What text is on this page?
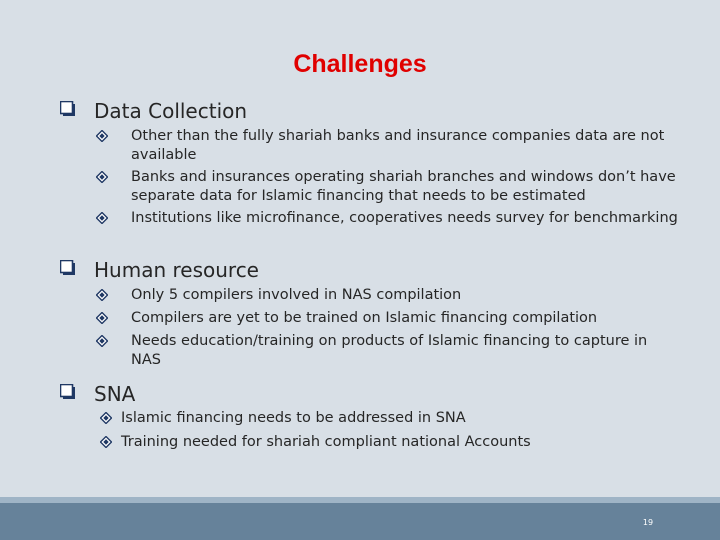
Challenges
Data Collection
Other than the fully shariah banks and insurance companies data are not available
Banks and insurances operating shariah branches and windows don’t have separate data for Islamic financing that needs to be estimated
Institutions like microfinance, cooperatives needs survey for benchmarking
Human resource
Only 5 compilers involved in NAS compilation
Compilers are yet to be trained on Islamic financing compilation
Needs education/training on products of Islamic financing to capture in NAS
SNA
Islamic financing needs to be addressed in SNA
Training needed for shariah compliant national Accounts
19
